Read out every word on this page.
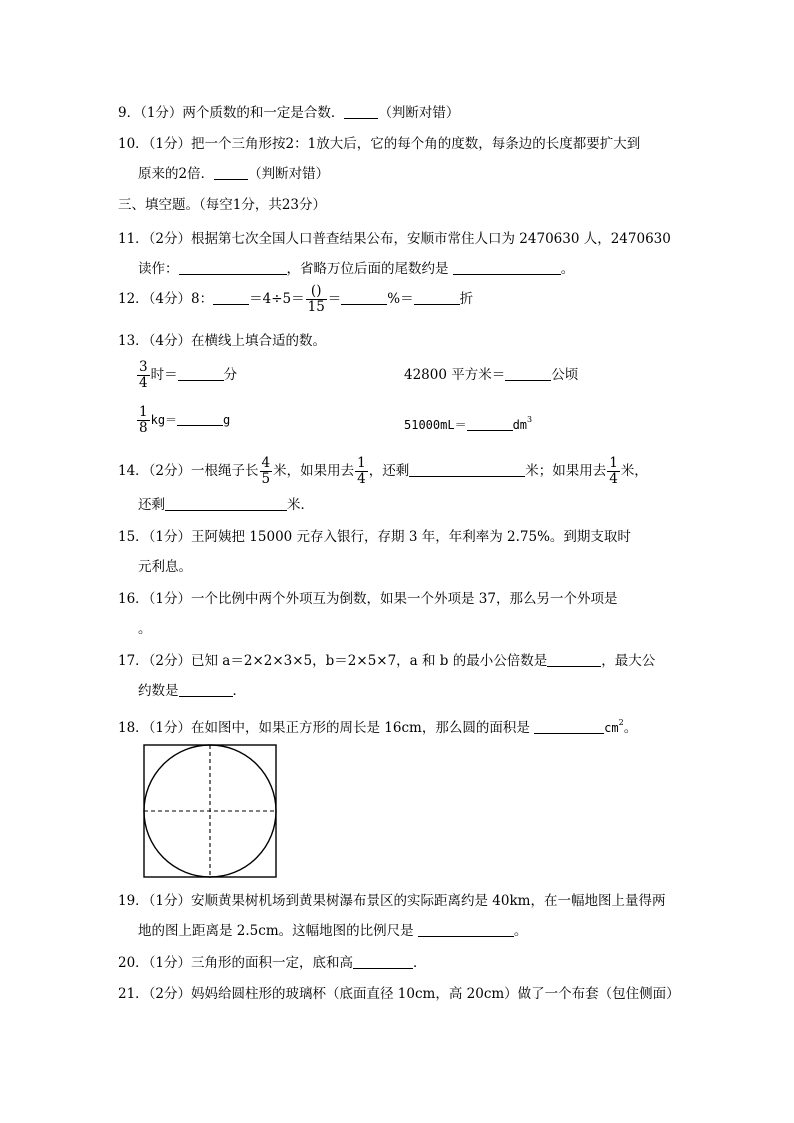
9．（1分）两个质数的和一定是合数．	（判断对错）
10．（1分）把一个三角形按2：1放大后，它的每个角的度数，每条边的长度都要扩大到
原来的2倍．	（判断对错）
三、填空题。（每空1分，共23分）
11．（2分）根据第七次全国人口普查结果公布，安顺市常住人口为 2470630 人，2470630
读作：	，省略万位后面的尾数约是	。
12．（4分）8：	$=4\div 5= \frac{()}{15}$ ＝	%＝	折
13．（4分）在横线上填合适的数。
$\frac{3}{4}$ 时＝	分	42800 平方米＝	公顷
$\frac{1}{8} kg=$	g	51000mL＝	$dm^3$
14．（2分）一根绳子长 $\frac{4}{5}$ 米，如果用去 $\frac{1}{4}$ ，还剩	米；如果用去 $\frac{1}{4}$ 米，
还剩	米．
15．（1分）王阿姨把 15000 元存入银行，存期 3 年，年利率为 2.75%。到期支取时
元利息。
16．（1分）一个比例中两个外项互为倒数，如果一个外项是 37，那么另一个外项是
。
17．（2分）已知 a＝2×2×3×5，b＝2×5×7，a 和 b 的最小公倍数是	，最大公
约数是	．
18．（1分）在如图中，如果正方形的周长是 16cm，那么圆的面积是	$cm^2$。
19．（1分）安顺黄果树机场到黄果树瀑布景区的实际距离约是 40km，在一幅地图上量得两
地的图上距离是 2.5cm。这幅地图的比例尺是	。
20．（1分）三角形的面积一定，底和高	．
21．（2分）妈妈给圆柱形的玻璃杯（底面直径 10cm，高 20cm）做了一个布套（包住侧面）
